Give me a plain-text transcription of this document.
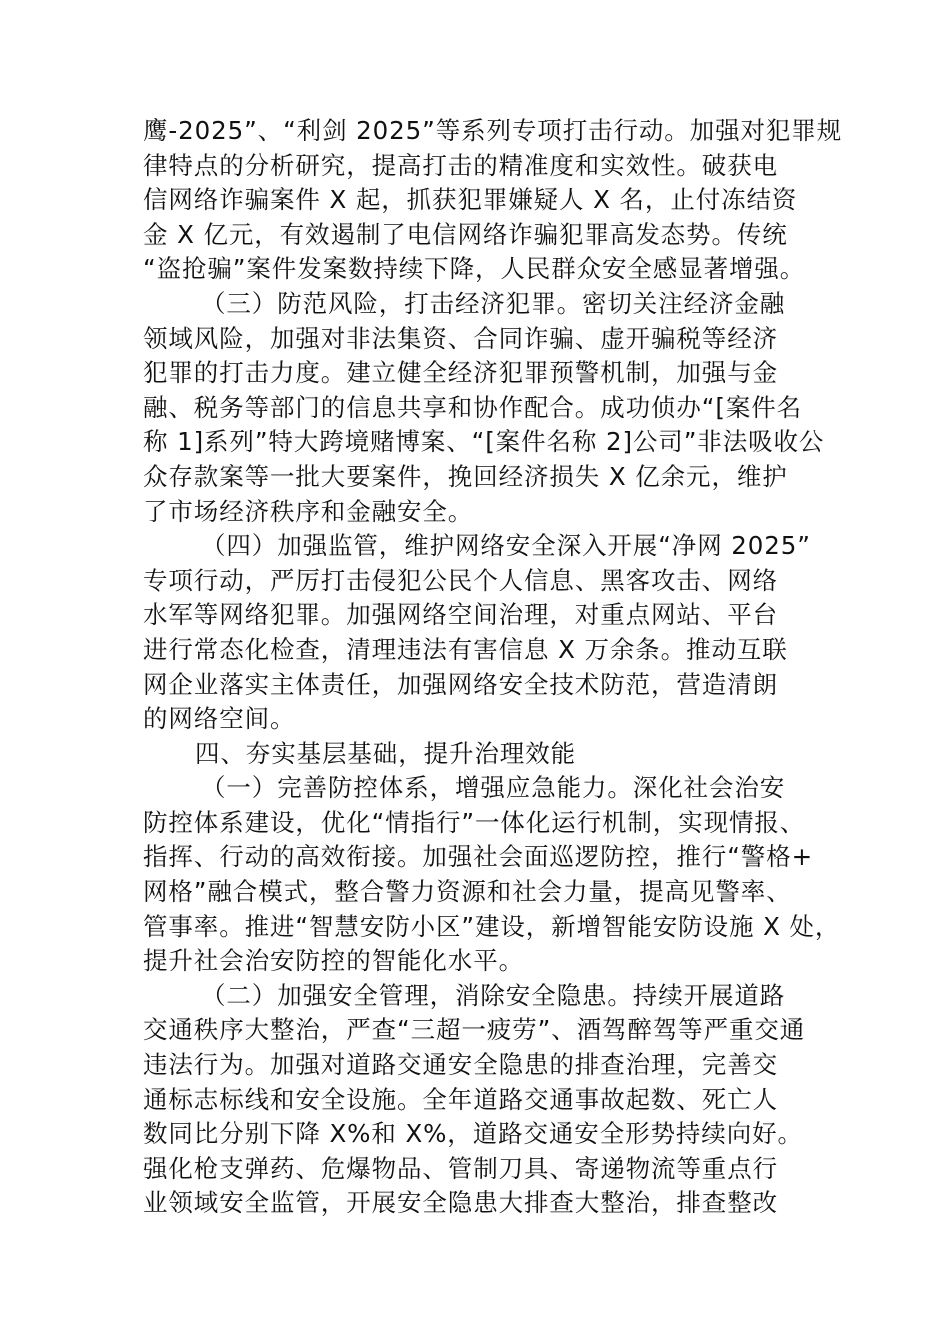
鹰-2025”、“利剑 2025”等系列专项打击行动。加强对犯罪规
律特点的分析研究，提高打击的精准度和实效性。破获电
信网络诈骗案件 X 起，抓获犯罪嫌疑人 X 名，止付冻结资
金 X 亿元，有效遏制了电信网络诈骗犯罪高发态势。传统
“盗抢骗”案件发案数持续下降，人民群众安全感显著增强。
（三）防范风险，打击经济犯罪。密切关注经济金融
领域风险，加强对非法集资、合同诈骗、虚开骗税等经济
犯罪的打击力度。建立健全经济犯罪预警机制，加强与金
融、税务等部门的信息共享和协作配合。成功侦办“[案件名
称 1]系列”特大跨境赌博案、“[案件名称 2]公司”非法吸收公
众存款案等一批大要案件，挽回经济损失 X 亿余元，维护
了市场经济秩序和金融安全。
（四）加强监管，维护网络安全深入开展“净网 2025”
专项行动，严厉打击侵犯公民个人信息、黑客攻击、网络
水军等网络犯罪。加强网络空间治理，对重点网站、平台
进行常态化检查，清理违法有害信息 X 万余条。推动互联
网企业落实主体责任，加强网络安全技术防范，营造清朗
的网络空间。
四、夯实基层基础，提升治理效能
（一）完善防控体系，增强应急能力。深化社会治安
防控体系建设，优化“情指行”一体化运行机制，实现情报、
指挥、行动的高效衔接。加强社会面巡逻防控，推行“警格+
网格”融合模式，整合警力资源和社会力量，提高见警率、
管事率。推进“智慧安防小区”建设，新增智能安防设施 X 处，
提升社会治安防控的智能化水平。
（二）加强安全管理，消除安全隐患。持续开展道路
交通秩序大整治，严查“三超一疲劳”、酒驾醉驾等严重交通
违法行为。加强对道路交通安全隐患的排查治理，完善交
通标志标线和安全设施。全年道路交通事故起数、死亡人
数同比分别下降 X%和 X%，道路交通安全形势持续向好。
强化枪支弹药、危爆物品、管制刀具、寄递物流等重点行
业领域安全监管，开展安全隐患大排查大整治，排查整改
